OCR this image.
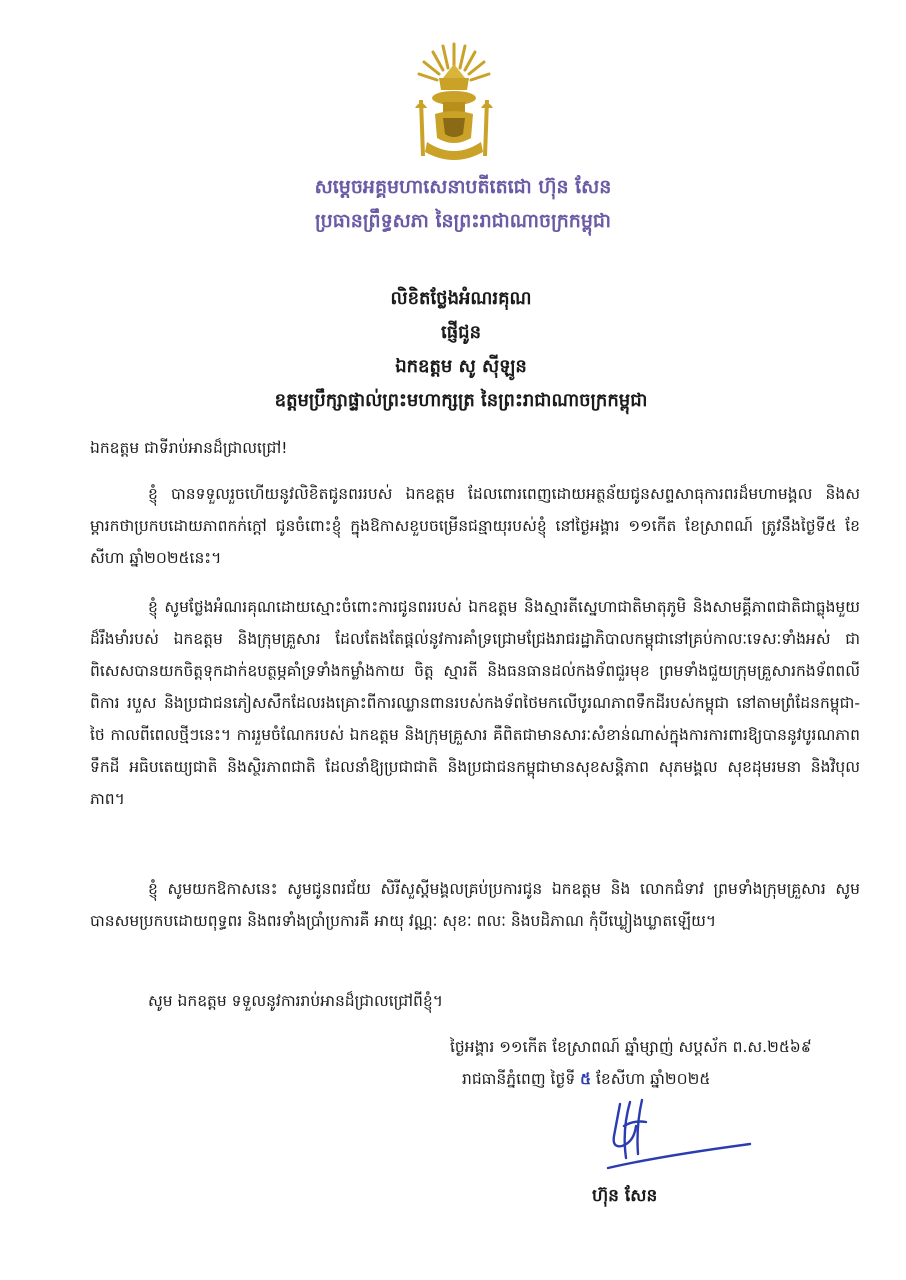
សម្តេចអគ្គមហាសេនាបតីតេជោ ហ៊ុន សែន
ប្រធានព្រឹទ្ធសភា នៃព្រះរាជាណាចក្រកម្ពុជា
លិខិតថ្លែងអំណរគុណ
ផ្ញើជូន
ឯកឧត្តម សូ ស៊ីឡូន
ឧត្តមប្រឹក្សាផ្ទាល់ព្រះមហាក្សត្រ នៃព្រះរាជាណាចក្រកម្ពុជា
ឯកឧត្តម ជាទីរាប់អានដ៏ជ្រាលជ្រៅ!
ខ្ញុំ បានទទួលរួចហើយនូវលិខិតជូនពររបស់ ឯកឧត្តម ដែលពោរពេញដោយអត្ថន័យជូនសព្ទសាធុការពរដ៏មហាមង្គល និងសម្ដារកថាប្រកបដោយភាពកក់ក្ដៅ ជូនចំពោះខ្ញុំ ក្នុងឱកាសខួបចម្រើនជន្មាយុរបស់ខ្ញុំ នៅថ្ងៃអង្គារ ១១កើត ខែស្រាពណ៍ ត្រូវនឹងថ្ងៃទី៥ ខែសីហា ឆ្នាំ២០២៥នេះ។
ខ្ញុំ សូមថ្លែងអំណរគុណដោយស្មោះចំពោះការជូនពររបស់ ឯកឧត្តម និងស្មារតីស្នេហាជាតិមាតុភូមិ និងសាមគ្គីភាពជាតិជាធ្លុងមួយដ៏រឹងមាំរបស់ ឯកឧត្តម និងក្រុមគ្រួសារ ដែលតែងតែផ្ដល់នូវការគាំទ្រជ្រោមជ្រែងរាជរដ្ឋាភិបាលកម្ពុជានៅគ្រប់កាលៈទេសៈទាំងអស់ ជាពិសេសបានយកចិត្តទុកដាក់ឧបត្ថម្ភគាំទ្រទាំងកម្លាំងកាយ ចិត្ត ស្មារតី និងធនធានដល់កងទ័ពជួរមុខ ព្រមទាំងជួយក្រុមគ្រួសារកងទ័ពពលី ពិការ របួស និងប្រជាជនភៀសសឹកដែលរងគ្រោះពីការឈ្លានពានរបស់កងទ័ពថៃមកលើបូរណភាពទឹកដីរបស់កម្ពុជា នៅតាមព្រំដែនកម្ពុជា-ថៃ កាលពីពេលថ្មីៗនេះ។ ការរួមចំណែករបស់ ឯកឧត្តម និងក្រុមគ្រួសារ គឺពិតជាមានសារៈសំខាន់ណាស់ក្នុងការការពារឱ្យបាននូវបូរណភាពទឹកដី អធិបតេយ្យជាតិ និងស្ថិរភាពជាតិ ដែលនាំឱ្យប្រជាជាតិ និងប្រជាជនកម្ពុជាមានសុខសន្តិភាព សុភមង្គល សុខដុមរមនា និងវិបុលភាព។
ខ្ញុំ សូមយកឱកាសនេះ សូមជូនពរជ័យ សិរីសួស្ដីមង្គលគ្រប់ប្រការជូន ឯកឧត្តម និង លោកជំទាវ ព្រមទាំងក្រុមគ្រួសារ សូមបានសមប្រកបដោយពុទ្ធពរ និងពរទាំងប្រាំប្រការគឺ អាយុ វណ្ណៈ សុខៈ ពលៈ និងបដិភាណ កុំបីឃ្លៀងឃ្លាតឡើយ។
សូម ឯកឧត្តម ទទួលនូវការរាប់អានដ៏ជ្រាលជ្រៅពីខ្ញុំ។
ថ្ងៃអង្គារ ១១កើត ខែស្រាពណ៍ ឆ្នាំម្សាញ់ សប្តស័ក ព.ស.២៥៦៩
រាជធានីភ្នំពេញ ថ្ងៃទី ៥ ខែសីហា ឆ្នាំ២០២៥
ហ៊ុន សែន
